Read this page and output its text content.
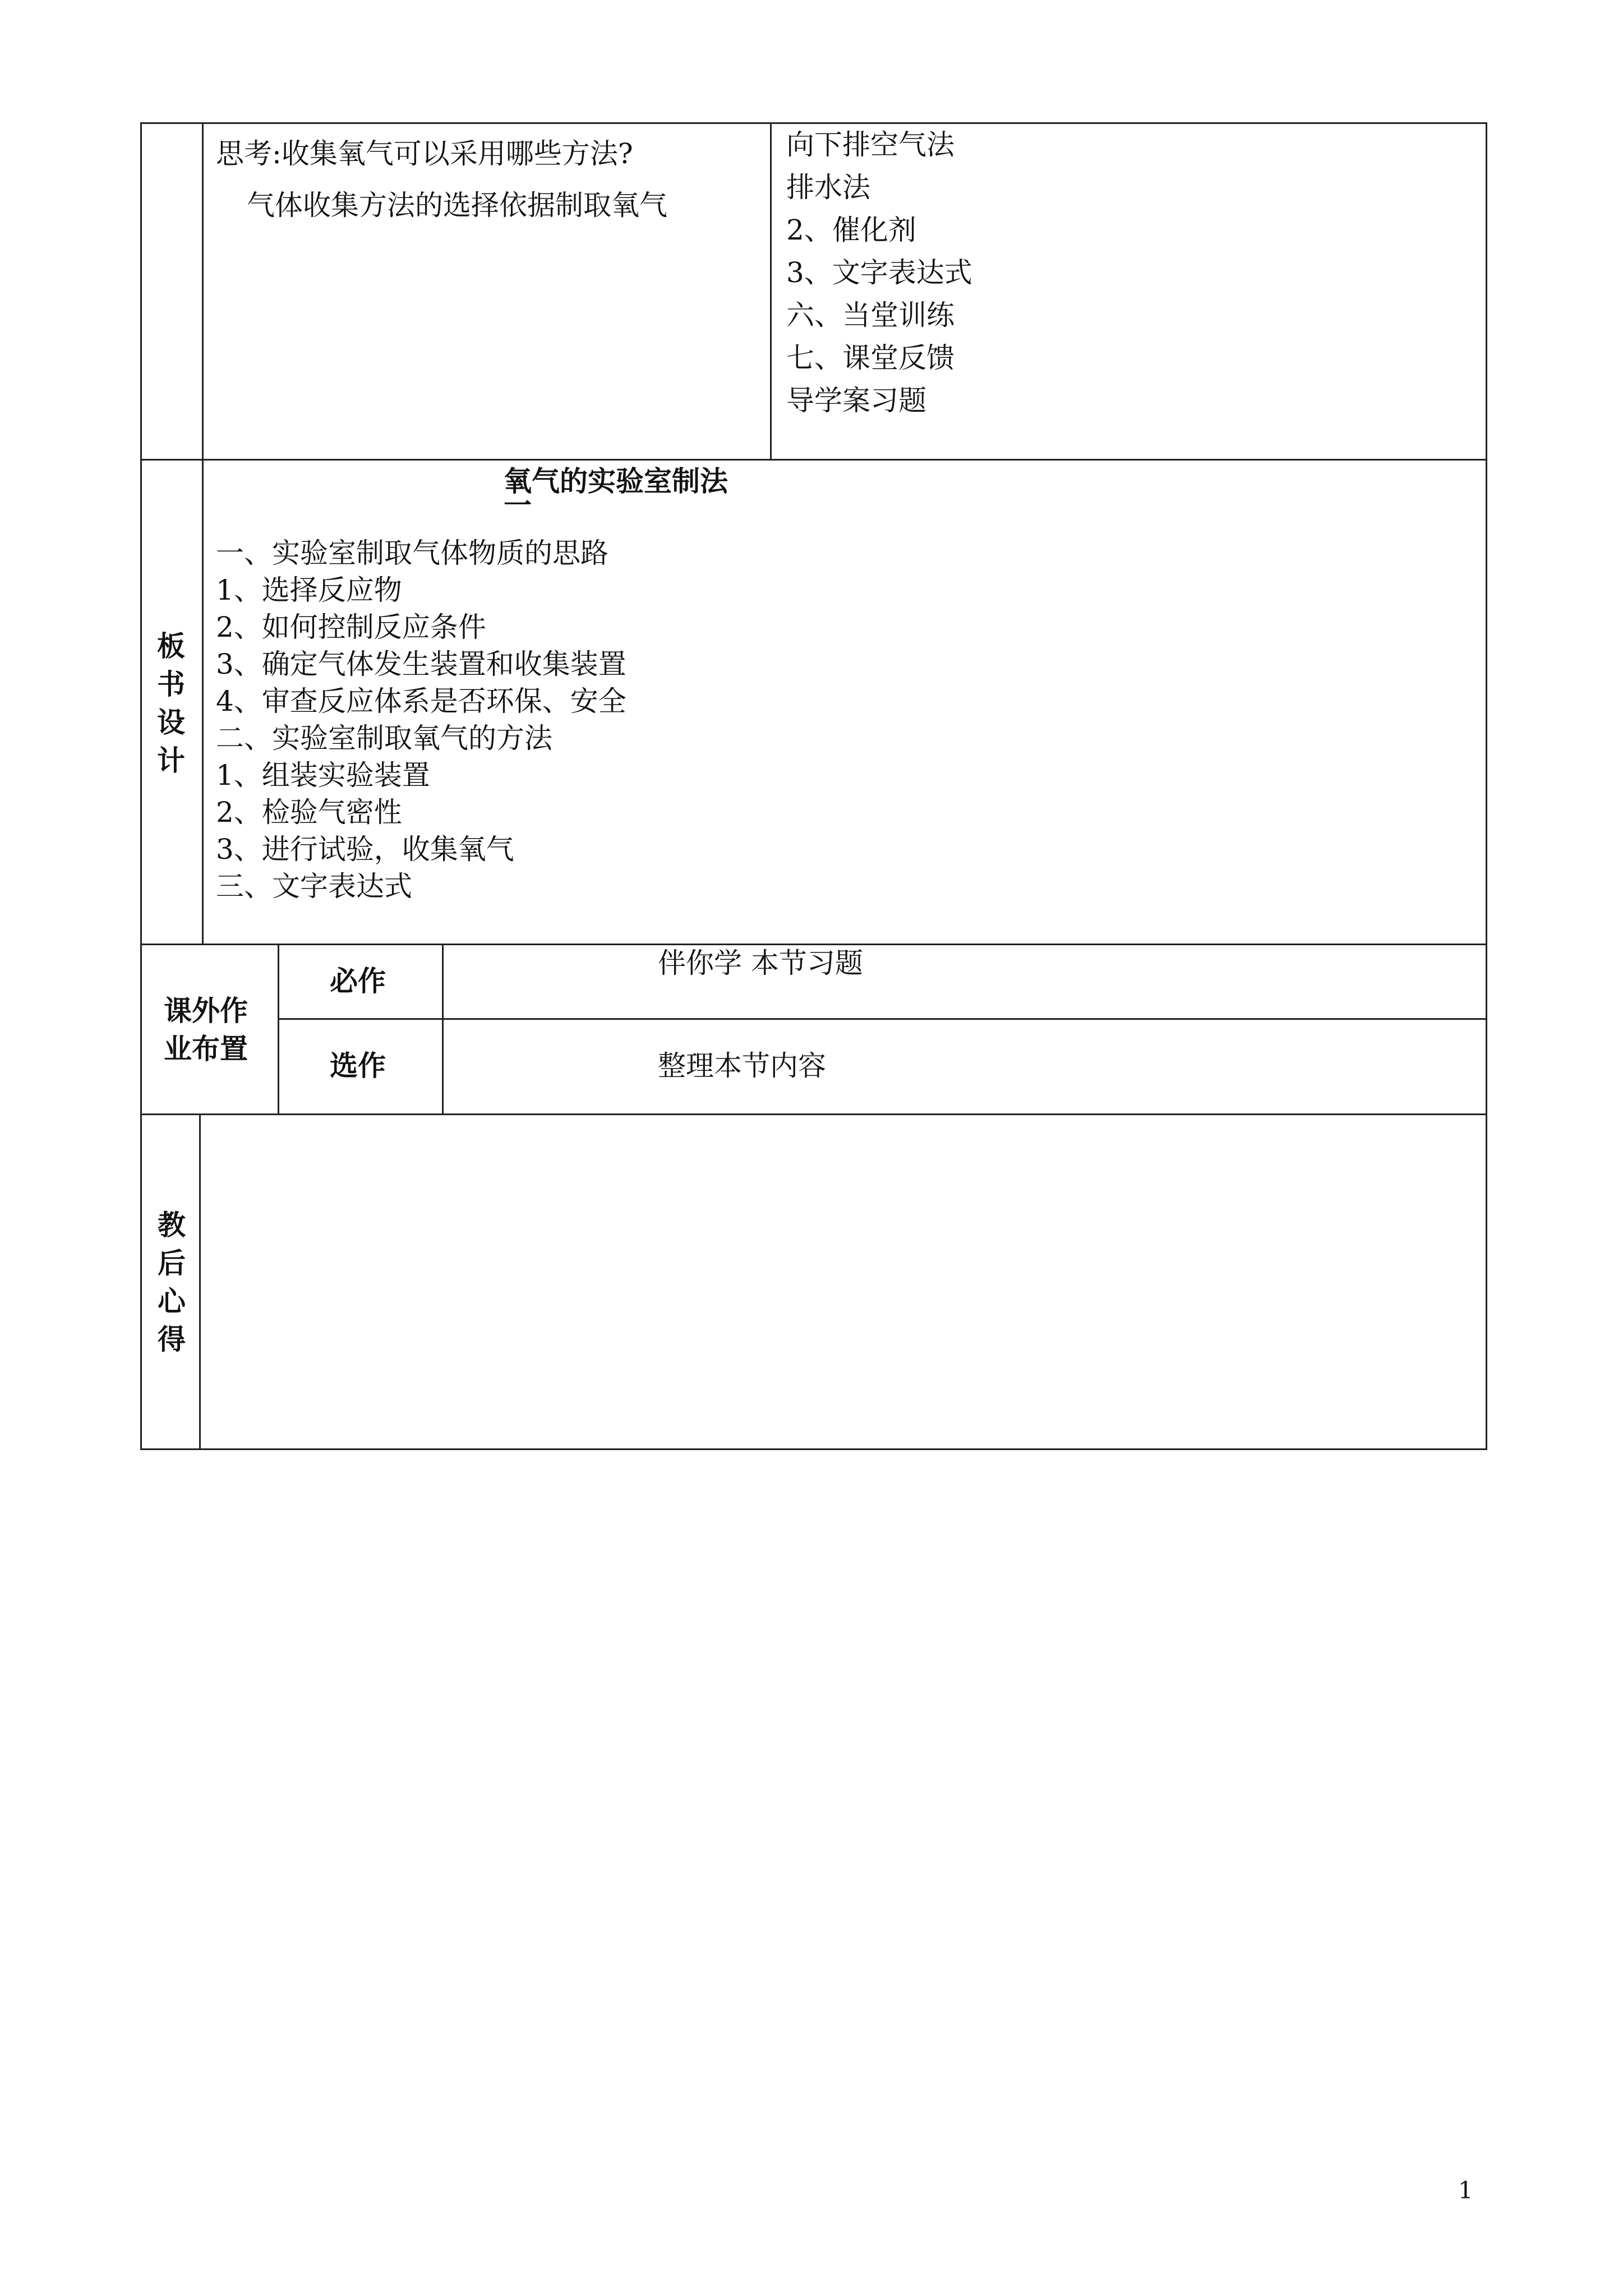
思考:收集氧气可以采用哪些方法?
气体收集方法的选择依据制取氧气
向下排空气法
排水法
2、催化剂
3、文字表达式
六、当堂训练
七、课堂反馈
导学案习题
板
书
设
计
氧气的实验室制法
一
一、实验室制取气体物质的思路
1、选择反应物
2、如何控制反应条件
3、确定气体发生装置和收集装置
4、审查反应体系是否环保、安全
二、实验室制取氧气的方法
1、组装实验装置
2、检验气密性
3、进行试验，收集氧气
三、文字表达式
课外作
业布置
必作
伴你学 本节习题
选作	整理本节内容
教
后
心
得
1
